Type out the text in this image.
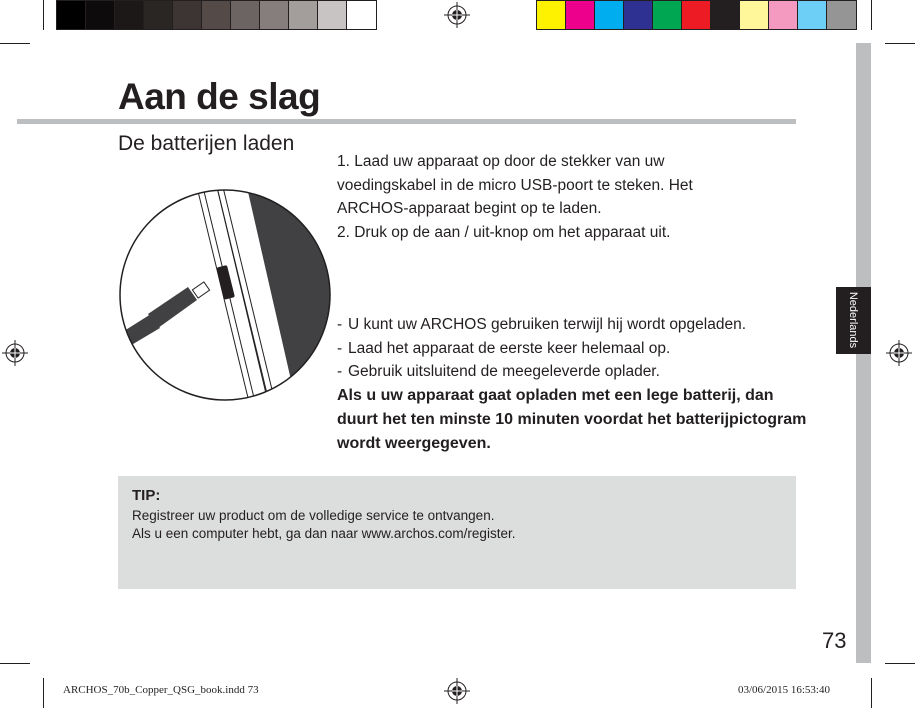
Nederlands
Aan de slag
De batterijen laden

1. Laad uw apparaat op door de stekker van uw voedingskabel in de micro USB-poort te steken. Het ARCHOS-apparaat begint op te laden.

2. Druk op de aan / uit-knop om het apparaat uit.

- U kunt uw ARCHOS gebruiken terwijl hij wordt opgeladen.
- Laad het apparaat de eerste keer helemaal op.
- Gebruik uitsluitend de meegeleverde oplader.
Als u uw apparaat gaat opladen met een lege batterij, dan duurt het ten minste 10 minuten voordat het batterijpictogram wordt weergegeven.
TIP:
Registreer uw product om de volledige service te ontvangen.
Als u een computer hebt, ga dan naar www.archos.com/register.
73
ARCHOS_70b_Copper_QSG_book.indd 73	03/06/2015 16:53:40
